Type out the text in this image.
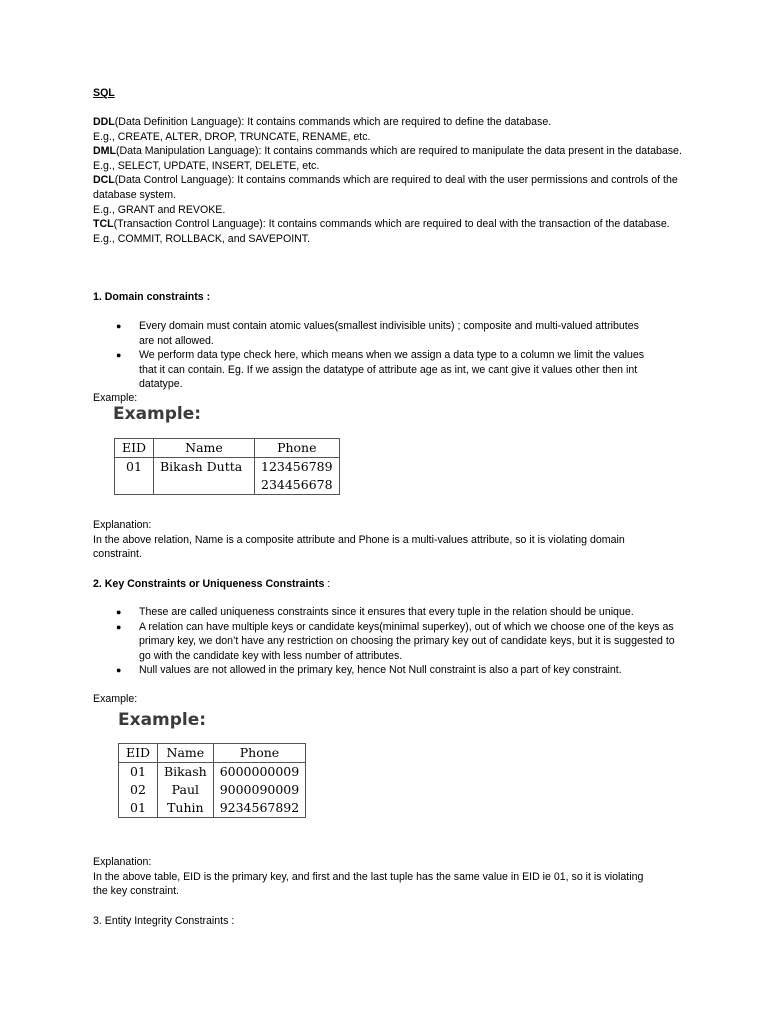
SQL

DDL(Data Definition Language): It contains commands which are required to define the database.

E.g., CREATE, ALTER, DROP, TRUNCATE, RENAME, etc.

DML(Data Manipulation Language): It contains commands which are required to manipulate the data present in the database.

E.g., SELECT, UPDATE, INSERT, DELETE, etc.

DCL(Data Control Language): It contains commands which are required to deal with the user permissions and controls of the database system.

E.g., GRANT and REVOKE.

TCL(Transaction Control Language): It contains commands which are required to deal with the transaction of the database. E.g., COMMIT, ROLLBACK, and SAVEPOINT.

1. Domain constraints :
● Every domain must contain atomic values(smallest indivisible units) ; composite and multi-valued attributes are not allowed.
● We perform data type check here, which means when we assign a data type to a column we limit the values that it can contain. Eg. If we assign the datatype of attribute age as int, we cant give it values other then int datatype.

Example:

Example:
EID	Name	Phone
01	Bikash Dutta	123456789
		234456678

Explanation:

In the above relation, Name is a composite attribute and Phone is a multi-values attribute, so it is violating domain constraint.

2. Key Constraints or Uniqueness Constraints :
● These are called uniqueness constraints since it ensures that every tuple in the relation should be unique.
● A relation can have multiple keys or candidate keys(minimal superkey), out of which we choose one of the keys as primary key, we don’t have any restriction on choosing the primary key out of candidate keys, but it is suggested to go with the candidate key with less number of attributes.
● Null values are not allowed in the primary key, hence Not Null constraint is also a part of key constraint.

Example:

Example:
EID	Name	Phone
01	Bikash	6000000009
02	Paul	9000090009
01	Tuhin	9234567892

Explanation:

In the above table, EID is the primary key, and first and the last tuple has the same value in EID ie 01, so it is violating the key constraint.

3. Entity Integrity Constraints :
